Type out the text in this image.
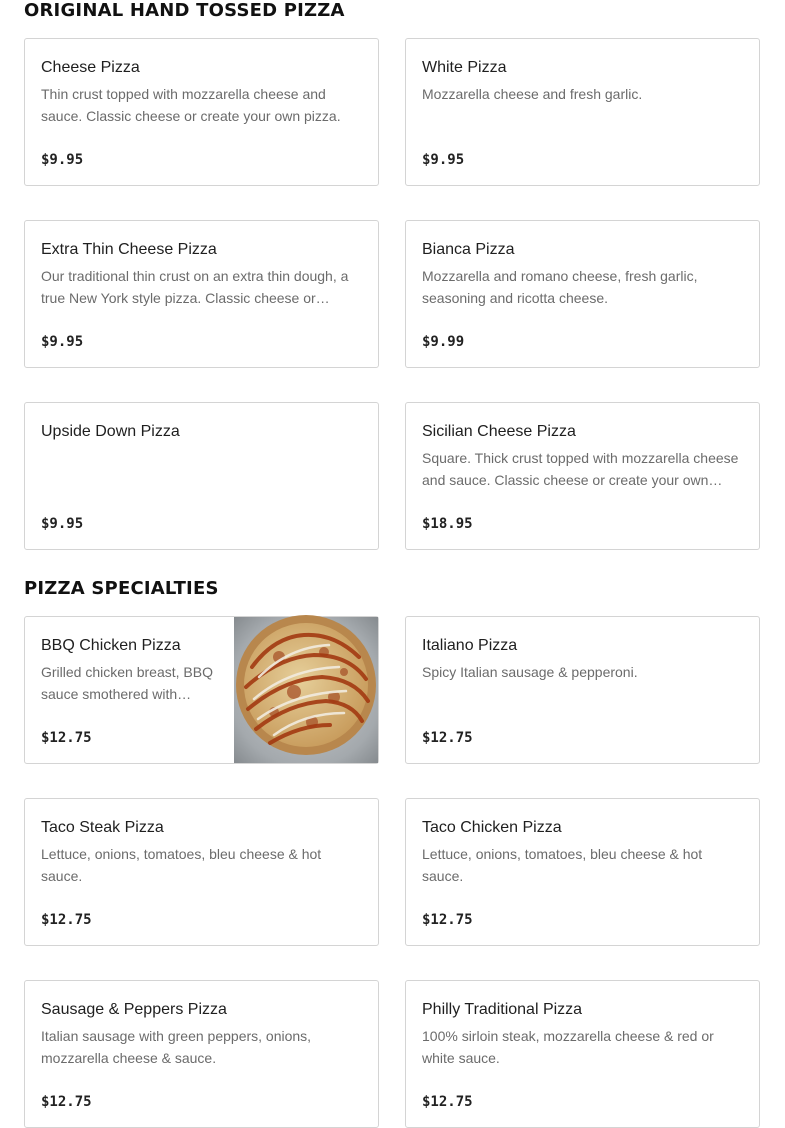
ORIGINAL HAND TOSSED PIZZA
Cheese Pizza
Thin crust topped with mozzarella cheese and sauce. Classic cheese or create your own pizza.
$9.95
White Pizza
Mozzarella cheese and fresh garlic.
$9.95
Extra Thin Cheese Pizza
Our traditional thin crust on an extra thin dough, a true New York style pizza. Classic cheese or…
$9.95
Bianca Pizza
Mozzarella and romano cheese, fresh garlic, seasoning and ricotta cheese.
$9.99
Upside Down Pizza
$9.95
Sicilian Cheese Pizza
Square. Thick crust topped with mozzarella cheese and sauce. Classic cheese or create your own…
$18.95
PIZZA SPECIALTIES
BBQ Chicken Pizza
Grilled chicken breast, BBQ sauce smothered with…
$12.75
Italiano Pizza
Spicy Italian sausage & pepperoni.
$12.75
Taco Steak Pizza
Lettuce, onions, tomatoes, bleu cheese & hot sauce.
$12.75
Taco Chicken Pizza
Lettuce, onions, tomatoes, bleu cheese & hot sauce.
$12.75
Sausage & Peppers Pizza
Italian sausage with green peppers, onions, mozzarella cheese & sauce.
$12.75
Philly Traditional Pizza
100% sirloin steak, mozzarella cheese & red or white sauce.
$12.75
